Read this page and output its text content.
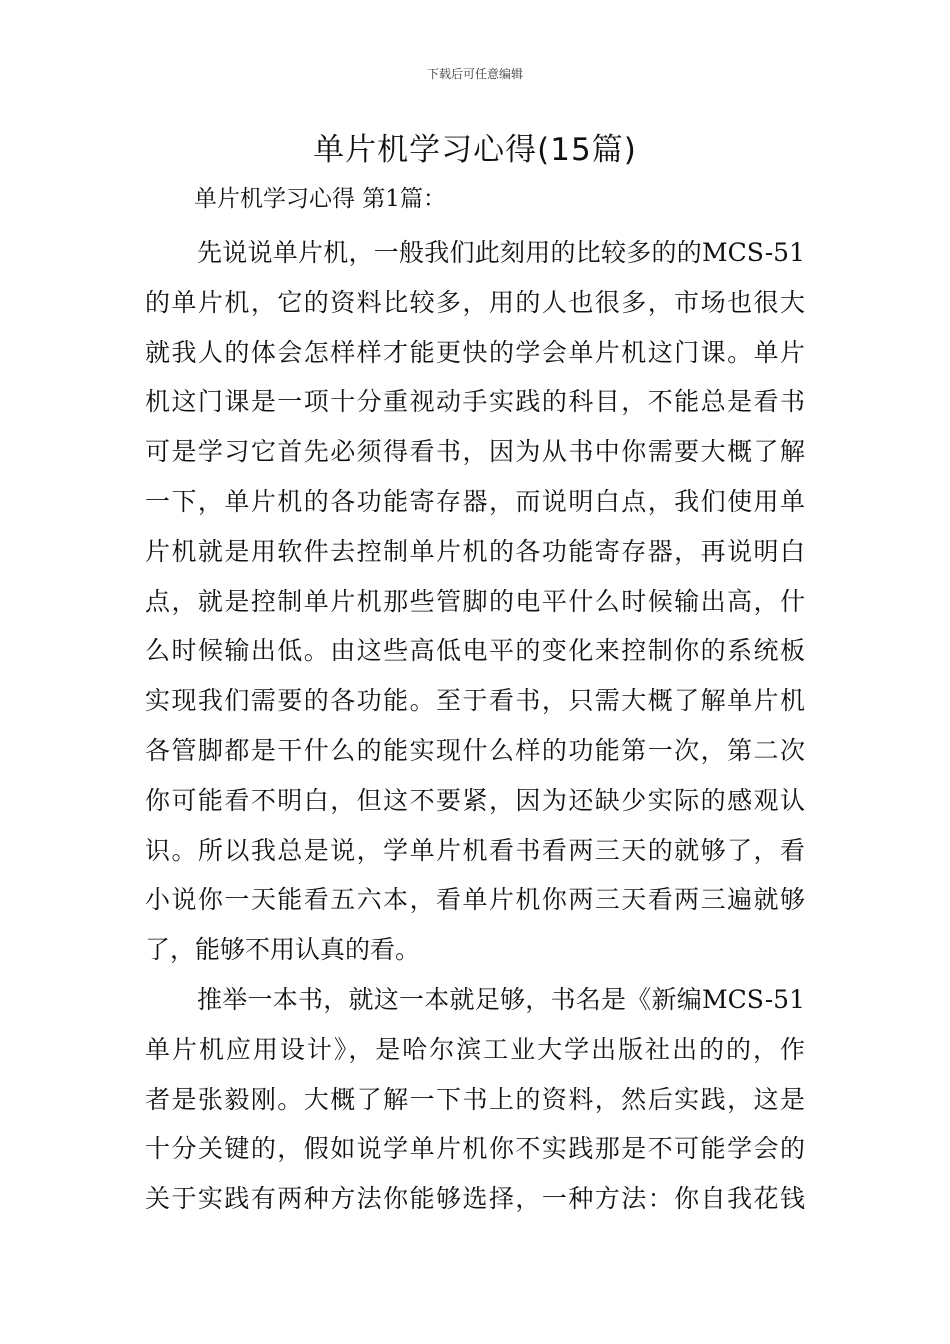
下载后可任意编辑
单片机学习心得(15篇)
单片机学习心得 第1篇：
先说说单片机，一般我们此刻用的比较多的的MCS-51
的单片机，它的资料比较多，用的人也很多，市场也很大
就我人的体会怎样样才能更快的学会单片机这门课。单片
机这门课是一项十分重视动手实践的科目，不能总是看书
可是学习它首先必须得看书，因为从书中你需要大概了解
一下，单片机的各功能寄存器，而说明白点，我们使用单
片机就是用软件去控制单片机的各功能寄存器，再说明白
点，就是控制单片机那些管脚的电平什么时候输出高，什
么时候输出低。由这些高低电平的变化来控制你的系统板
实现我们需要的各功能。至于看书，只需大概了解单片机
各管脚都是干什么的能实现什么样的功能第一次，第二次
你可能看不明白，但这不要紧，因为还缺少实际的感观认
识。所以我总是说，学单片机看书看两三天的就够了，看
小说你一天能看五六本，看单片机你两三天看两三遍就够
了，能够不用认真的看。
推举一本书，就这一本就足够，书名是《新编MCS-51
单片机应用设计》，是哈尔滨工业大学出版社出的的，作
者是张毅刚。大概了解一下书上的资料，然后实践，这是
十分关键的，假如说学单片机你不实践那是不可能学会的
关于实践有两种方法你能够选择，一种方法：你自我花钱
